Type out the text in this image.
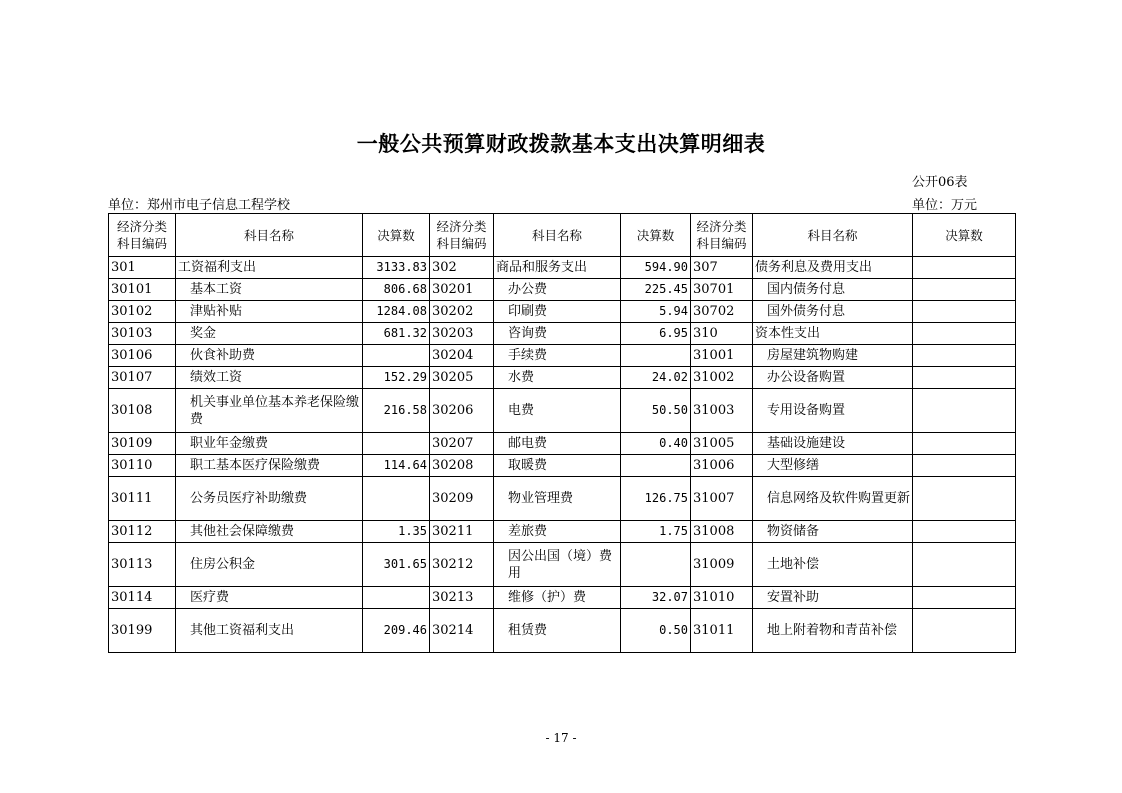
一般公共预算财政拨款基本支出决算明细表
公开06表
单位：郑州市电子信息工程学校	单位：万元
经济分类科目编码	科目名称	决算数	经济分类科目编码	科目名称	决算数	经济分类科目编码	科目名称	决算数
301	工资福利支出	3133.83	302	商品和服务支出	594.90	307	债务利息及费用支出	
30101	基本工资	806.68	30201	办公费	225.45	30701	国内债务付息	
30102	津贴补贴	1284.08	30202	印刷费	5.94	30702	国外债务付息	
30103	奖金	681.32	30203	咨询费	6.95	310	资本性支出	
30106	伙食补助费		30204	手续费		31001	房屋建筑物购建	
30107	绩效工资	152.29	30205	水费	24.02	31002	办公设备购置	
30108	机关事业单位基本养老保险缴费	216.58	30206	电费	50.50	31003	专用设备购置	
30109	职业年金缴费		30207	邮电费	0.40	31005	基础设施建设	
30110	职工基本医疗保险缴费	114.64	30208	取暖费		31006	大型修缮	
30111	公务员医疗补助缴费		30209	物业管理费	126.75	31007	信息网络及软件购置更新	
30112	其他社会保障缴费	1.35	30211	差旅费	1.75	31008	物资储备	
30113	住房公积金	301.65	30212	因公出国（境）费用		31009	土地补偿	
30114	医疗费		30213	维修（护）费	32.07	31010	安置补助	
30199	其他工资福利支出	209.46	30214	租赁费	0.50	31011	地上附着物和青苗补偿	
- 17 -
